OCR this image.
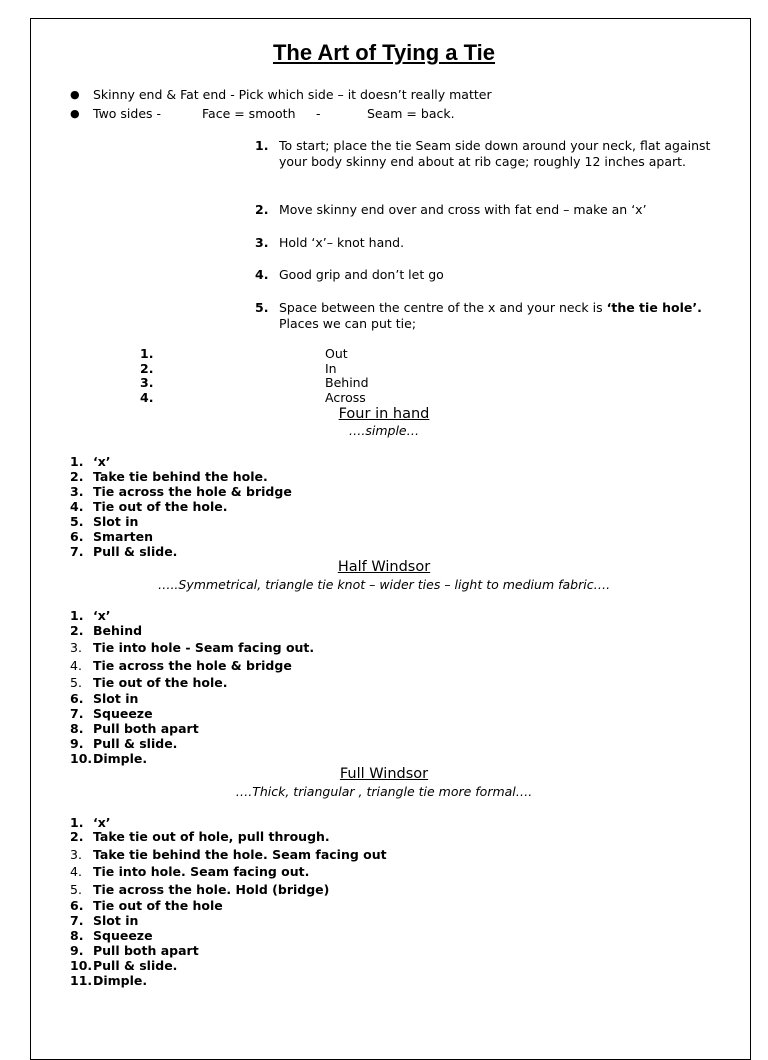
The Art of Tying a Tie
● Skinny end & Fat end - Pick which side – it doesn’t really matter
● Two sides -	Face = smooth -	Seam = back.
1. To start; place the tie Seam side down around your neck, flat against your body skinny end about at rib cage; roughly 12 inches apart.
2. Move skinny end over and cross with fat end – make an ‘x’
3. Hold ‘x’– knot hand.
4. Good grip and don’t let go
5. Space between the centre of the x and your neck is ‘the tie hole’.
Places we can put tie;
1.	Out
2.	In
3.	Behind
4.	Across
Four in hand
….simple…
1. ‘x’
2. Take tie behind the hole.
3. Tie across the hole & bridge
4. Tie out of the hole.
5. Slot in
6. Smarten
7. Pull & slide.
Half Windsor
…..Symmetrical, triangle tie knot – wider ties – light to medium fabric….
1. ‘x’
2. Behind
3. Tie into hole - Seam facing out.
4. Tie across the hole & bridge
5. Tie out of the hole.
6. Slot in
7. Squeeze
8. Pull both apart
9. Pull & slide.
10.Dimple.
Full Windsor
….Thick, triangular , triangle tie more formal….
1. ‘x’
2. Take tie out of hole, pull through.
3. Take tie behind the hole. Seam facing out
4. Tie into hole. Seam facing out.
5. Tie across the hole. Hold (bridge)
6. Tie out of the hole
7. Slot in
8. Squeeze
9. Pull both apart
10.Pull & slide.
11.Dimple.
